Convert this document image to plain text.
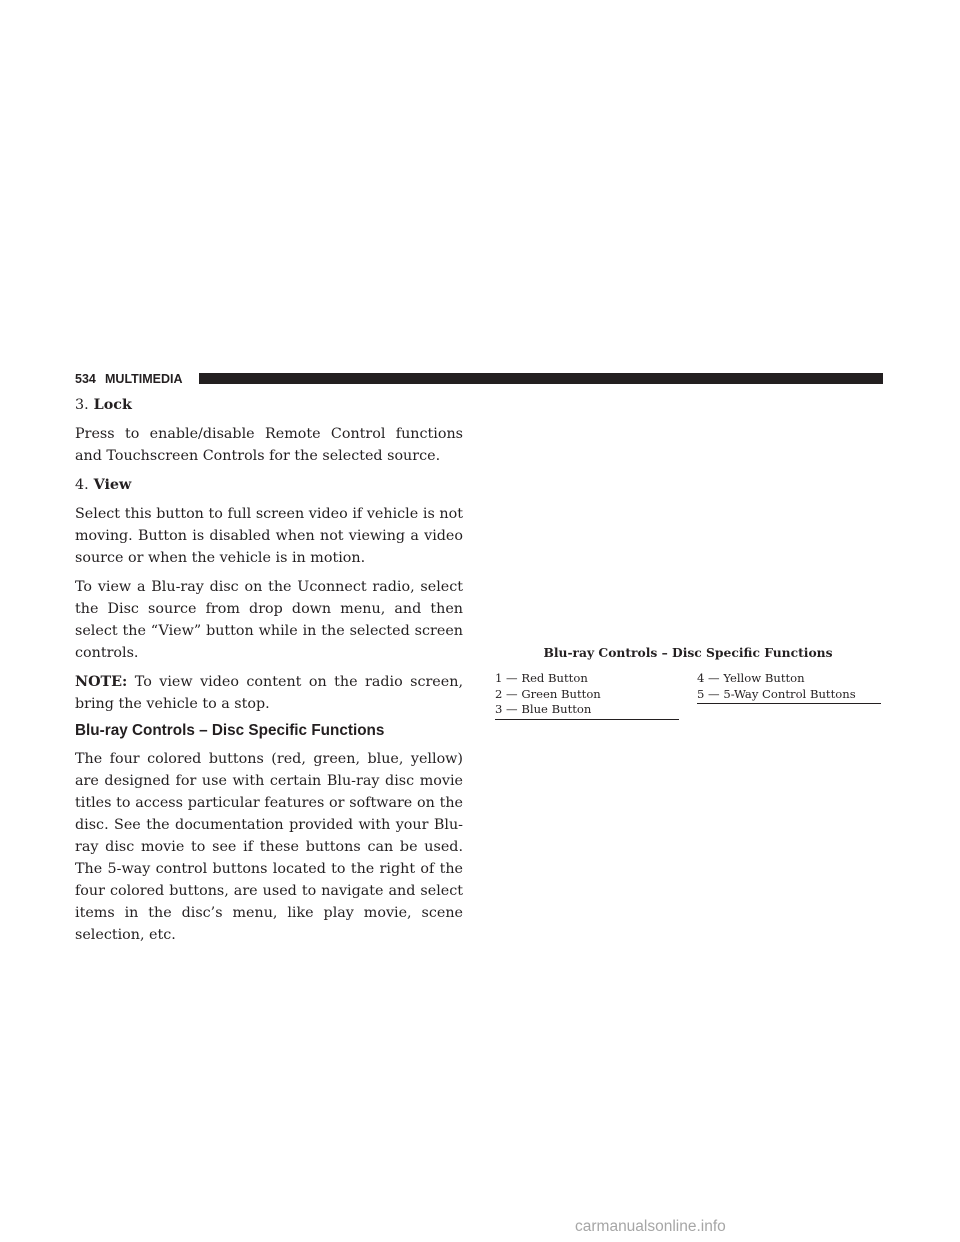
534 MULTIMEDIA

3. Lock

Press to enable/disable Remote Control functions and Touchscreen Controls for the selected source.

4. View

Select this button to full screen video if vehicle is not moving. Button is disabled when not viewing a video source or when the vehicle is in motion.

To view a Blu-ray disc on the Uconnect radio, select the Disc source from drop down menu, and then select the “View” button while in the selected screen controls.

NOTE: To view video content on the radio screen, bring the vehicle to a stop.

Blu-ray Controls – Disc Specific Functions

The four colored buttons (red, green, blue, yellow) are designed for use with certain Blu-ray disc movie titles to access particular features or software on the disc. See the documentation provided with your Blu-ray disc movie to see if these buttons can be used. The 5-way control buttons located to the right of the four colored buttons, are used to navigate and select items in the disc’s menu, like play movie, scene selection, etc.

Blu-ray Controls – Disc Specific Functions
1 — Red Button
2 — Green Button
3 — Blue Button
4 — Yellow Button
5 — 5-Way Control Buttons
carmanualsonline.info
